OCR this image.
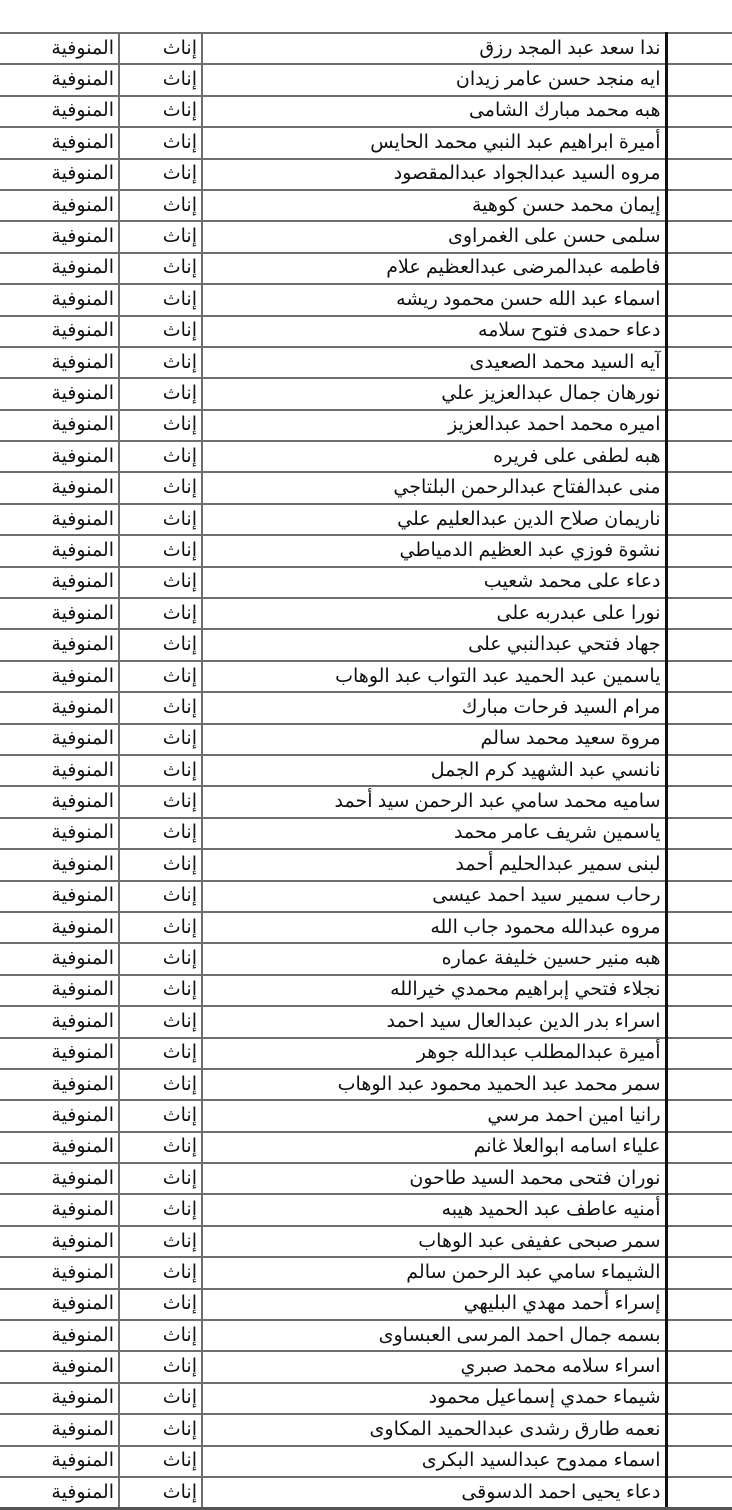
المنوفية	إناث	ندا سعد عبد المجد رزق	
المنوفية	إناث	ايه منجد حسن عامر زيدان	
المنوفية	إناث	هبه محمد مبارك الشامى	
المنوفية	إناث	أميرة ابراهيم عبد النبي محمد الحايس	
المنوفية	إناث	مروه السيد عبدالجواد عبدالمقصود	
المنوفية	إناث	إيمان محمد حسن كوهية	
المنوفية	إناث	سلمى حسن على الغمراوى	
المنوفية	إناث	فاطمه عبدالمرضى عبدالعظيم علام	
المنوفية	إناث	اسماء عبد الله حسن محمود ريشه	
المنوفية	إناث	دعاء حمدى فتوح سلامه	
المنوفية	إناث	آيه السيد محمد الصعيدى	
المنوفية	إناث	نورهان جمال عبدالعزيز علي	
المنوفية	إناث	اميره محمد احمد عبدالعزيز	
المنوفية	إناث	هبه لطفى على فريره	
المنوفية	إناث	منى عبدالفتاح عبدالرحمن البلتاجي	
المنوفية	إناث	ناريمان صلاح الدين عبدالعليم علي	
المنوفية	إناث	نشوة فوزي عبد العظيم الدمياطي	
المنوفية	إناث	دعاء على محمد شعيب	
المنوفية	إناث	نورا على عبدربه على	
المنوفية	إناث	جهاد فتحي عبدالنبي على	
المنوفية	إناث	ياسمين عبد الحميد عبد التواب عبد الوهاب	
المنوفية	إناث	مرام السيد فرحات مبارك	
المنوفية	إناث	مروة سعيد محمد سالم	
المنوفية	إناث	نانسي عبد الشهيد كرم الجمل	
المنوفية	إناث	ساميه محمد سامي عبد الرحمن سيد أحمد	
المنوفية	إناث	ياسمين شريف عامر محمد	
المنوفية	إناث	لبنى سمير عبدالحليم أحمد	
المنوفية	إناث	رحاب سمير سيد احمد عيسى	
المنوفية	إناث	مروه عبدالله محمود جاب الله	
المنوفية	إناث	هبه منير حسين خليفة عماره	
المنوفية	إناث	نجلاء فتحي إبراهيم محمدي خيرالله	
المنوفية	إناث	اسراء بدر الدين عبدالعال سيد احمد	
المنوفية	إناث	أميرة عبدالمطلب عبدالله جوهر	
المنوفية	إناث	سمر محمد عبد الحميد محمود عبد الوهاب	
المنوفية	إناث	رانيا امين احمد مرسي	
المنوفية	إناث	علياء اسامه ابوالعلا غانم	
المنوفية	إناث	نوران فتحى محمد السيد طاحون	
المنوفية	إناث	أمنيه عاطف عبد الحميد هيبه	
المنوفية	إناث	سمر صبحى عفيفى عبد الوهاب	
المنوفية	إناث	الشيماء سامي عبد الرحمن سالم	
المنوفية	إناث	إسراء أحمد مهدي البليهي	
المنوفية	إناث	بسمه جمال احمد المرسى العبساوى	
المنوفية	إناث	اسراء سلامه محمد صبري	
المنوفية	إناث	شيماء حمدي إسماعيل محمود	
المنوفية	إناث	نعمه طارق رشدى عبدالحميد المكاوى	
المنوفية	إناث	اسماء ممدوح عبدالسيد البكرى	
المنوفية	إناث	دعاء يحيى احمد الدسوقى	
